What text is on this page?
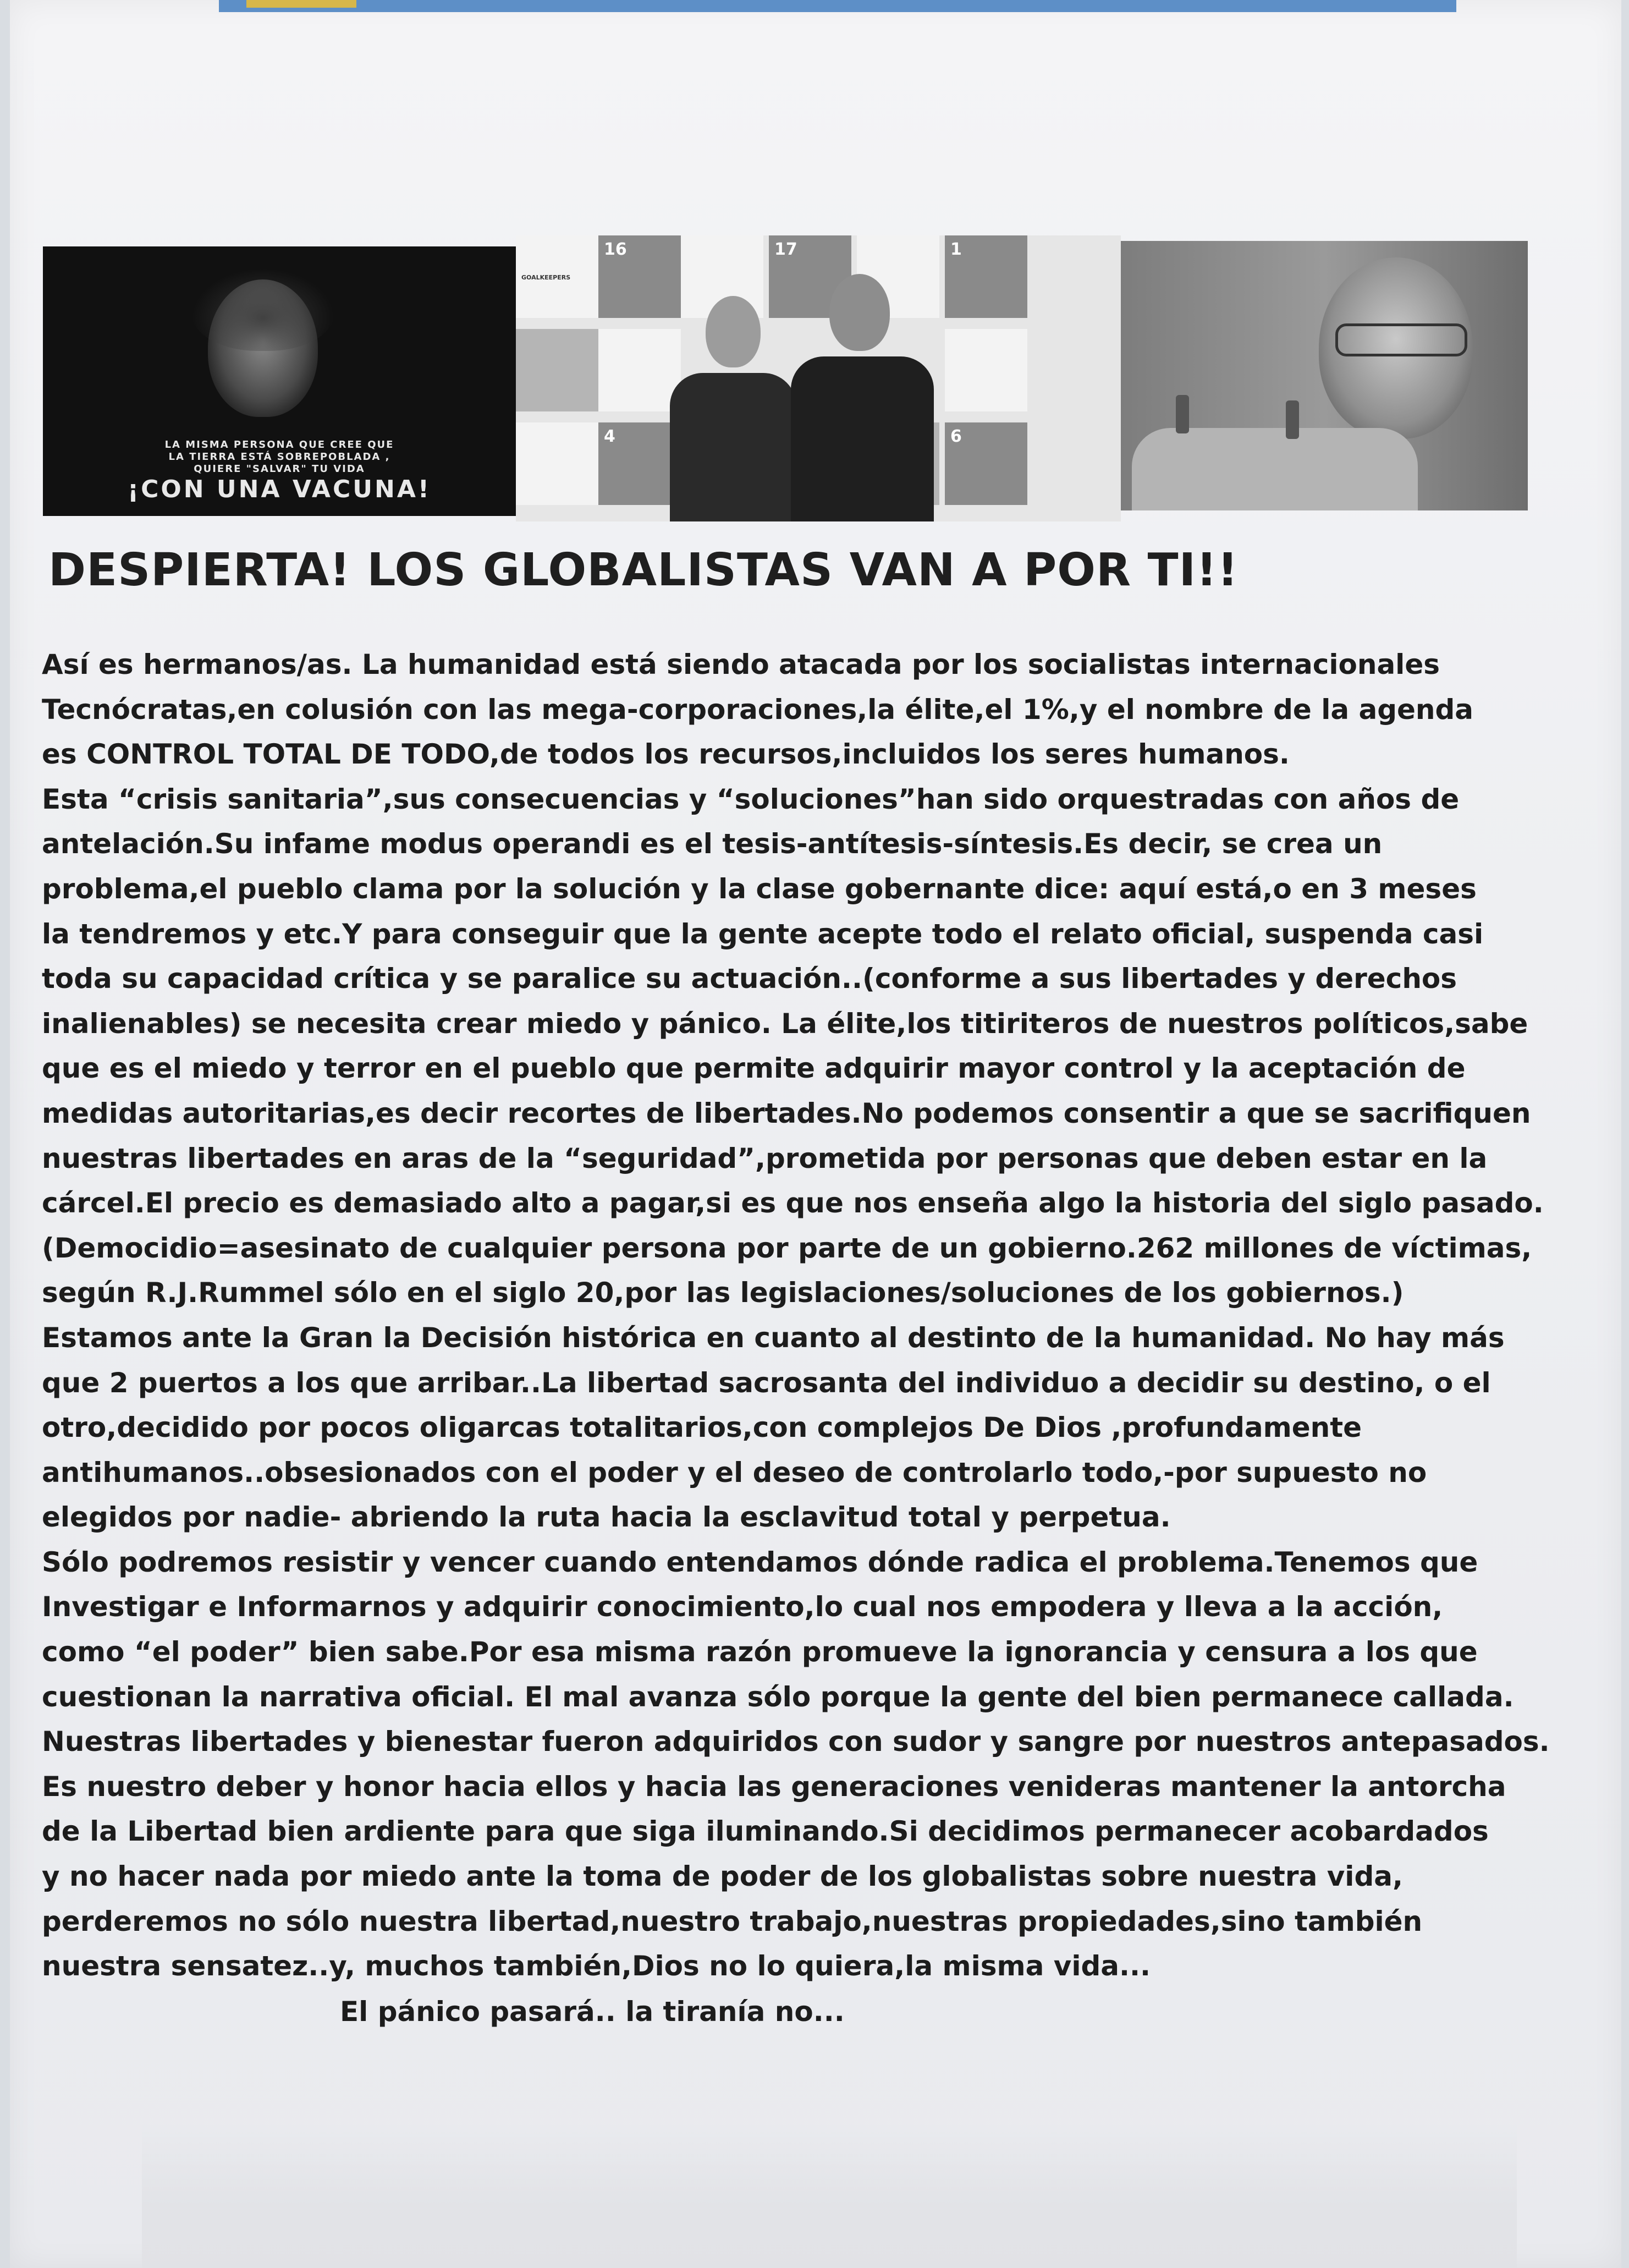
LA MISMA PERSONA QUE CREE QUE
LA TIERRA ESTÁ SOBREPOBLADA ,
QUIERE "SALVAR" TU VIDA
¡CON UNA VACUNA!
16
GOALKEEPERS
4
17	1
6
DESPIERTA! LOS GLOBALISTAS VAN A POR TI!!
Así es hermanos/as. La humanidad está siendo atacada por los socialistas internacionales
Tecnócratas,en colusión con las mega-corporaciones,la élite,el 1%,y el nombre de la agenda
es CONTROL TOTAL DE TODO,de todos los recursos,incluidos los seres humanos.
Esta “crisis sanitaria”,sus consecuencias y “soluciones”han sido orquestradas con años de
antelación.Su infame modus operandi es el tesis-antítesis-síntesis.Es decir, se crea un
problema,el pueblo clama por la solución y la clase gobernante dice: aquí está,o en 3 meses
la tendremos y etc.Y para conseguir que la gente acepte todo el relato oficial, suspenda casi
toda su capacidad crítica y se paralice su actuación..(conforme a sus libertades y derechos
inalienables) se necesita crear miedo y pánico. La élite,los titiriteros de nuestros políticos,sabe
que es el miedo y terror en el pueblo que permite adquirir mayor control y la aceptación de
medidas autoritarias,es decir recortes de libertades.No podemos consentir a que se sacrifiquen
nuestras libertades en aras de la “seguridad”,prometida por personas que deben estar en la
cárcel.El precio es demasiado alto a pagar,si es que nos enseña algo la historia del siglo pasado.
(Democidio=asesinato de cualquier persona por parte de un gobierno.262 millones de víctimas,
según R.J.Rummel sólo en el siglo 20,por las legislaciones/soluciones de los gobiernos.)
Estamos ante la Gran la Decisión histórica en cuanto al destinto de la humanidad. No hay más
que 2 puertos a los que arribar..La libertad sacrosanta del individuo a decidir su destino, o el
otro,decidido por pocos oligarcas totalitarios,con complejos De Dios ,profundamente
antihumanos..obsesionados con el poder y el deseo de controlarlo todo,-por supuesto no
elegidos por nadie- abriendo la ruta hacia la esclavitud total y perpetua.
Sólo podremos resistir y vencer cuando entendamos dónde radica el problema.Tenemos que
Investigar e Informarnos y adquirir conocimiento,lo cual nos empodera y lleva a la acción,
como “el poder” bien sabe.Por esa misma razón promueve la ignorancia y censura a los que
cuestionan la narrativa oficial. El mal avanza sólo porque la gente del bien permanece callada.
Nuestras libertades y bienestar fueron adquiridos con sudor y sangre por nuestros antepasados.
Es nuestro deber y honor hacia ellos y hacia las generaciones venideras mantener la antorcha
de la Libertad bien ardiente para que siga iluminando.Si decidimos permanecer acobardados
y no hacer nada por miedo ante la toma de poder de los globalistas sobre nuestra vida,
perderemos no sólo nuestra libertad,nuestro trabajo,nuestras propiedades,sino también
nuestra sensatez..y, muchos también,Dios no lo quiera,la misma vida...
El pánico pasará.. la tiranía no...
